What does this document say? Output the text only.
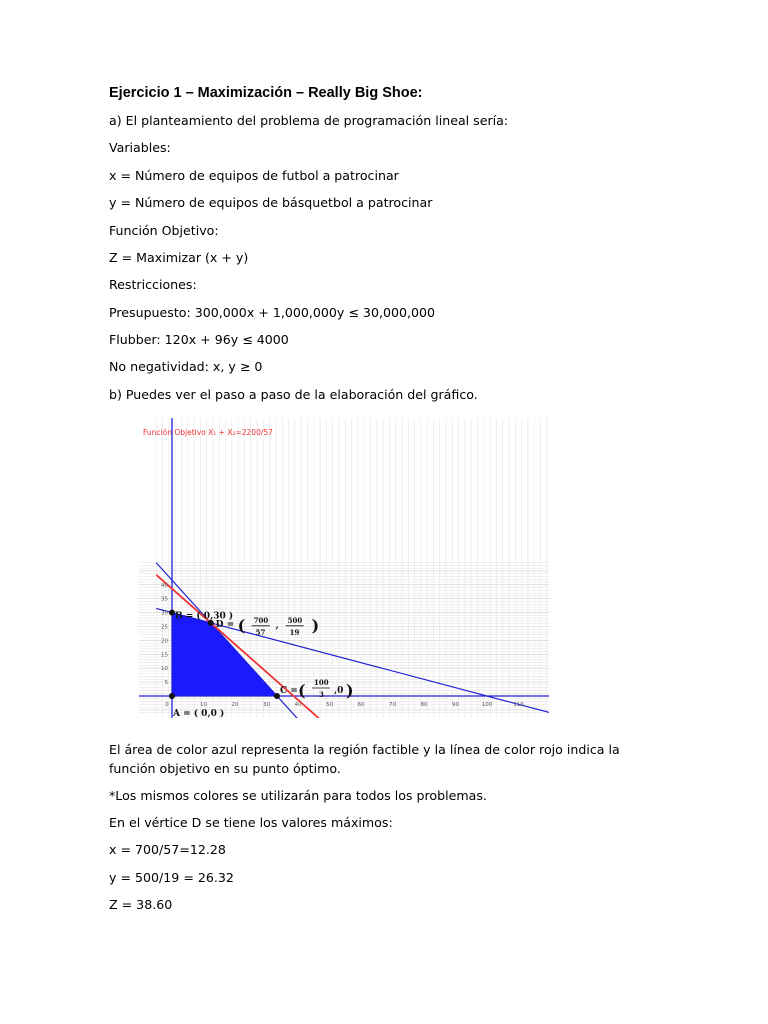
Ejercicio 1 – Maximización – Really Big Shoe:
a) El planteamiento del problema de programación lineal sería:
Variables:
x = Número de equipos de futbol a patrocinar
y = Número de equipos de básquetbol a patrocinar
Función Objetivo:
Z = Maximizar (x + y)
Restricciones:
Presupuesto: 300,000x + 1,000,000y ≤ 30,000,000
Flubber: 120x + 96y ≤ 4000
No negatividad: x, y ≥ 0
b) Puedes ver el paso a paso de la elaboración del gráfico.
0	10	20	30	40	50	60	70	80	90	100	110
5
10
15
20
25
30
35
40
Función Objetivo X₁ + X₂=2200/57
A = ( 0,0 )
B = ( 0,30 )
D = ( 700
57
,
500
19 )
C = ( 100
3 ,0 )
El área de color azul representa la región factible y la línea de color rojo indica la función objetivo en su punto óptimo.
*Los mismos colores se utilizarán para todos los problemas.
En el vértice D se tiene los valores máximos:
x = 700/57=12.28
y = 500/19 = 26.32
Z = 38.60
